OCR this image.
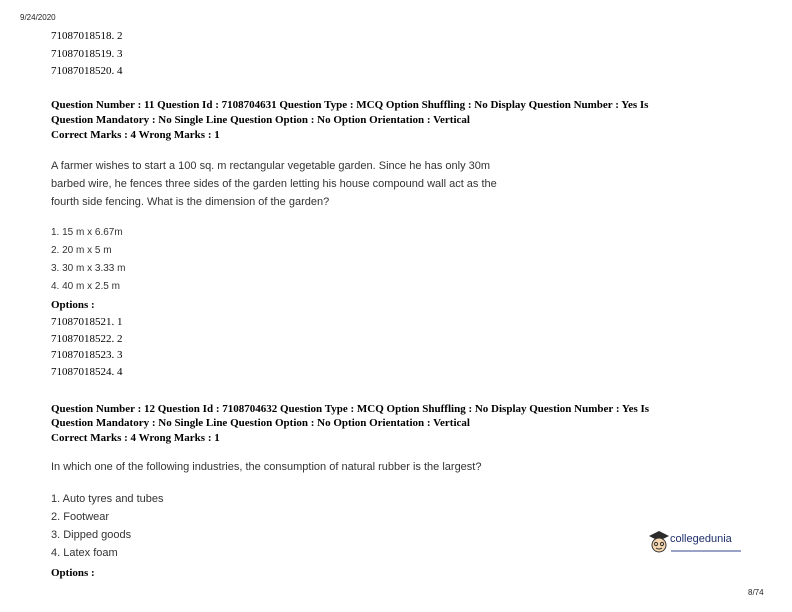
9/24/2020
71087018518. 2
71087018519. 3
71087018520. 4
Question Number : 11 Question Id : 7108704631 Question Type : MCQ Option Shuffling : No Display Question Number : Yes Is
Question Mandatory : No Single Line Question Option : No Option Orientation : Vertical
Correct Marks : 4 Wrong Marks : 1
A farmer wishes to start a 100 sq. m rectangular vegetable garden. Since he has only 30m
barbed wire, he fences three sides of the garden letting his house compound wall act as the
fourth side fencing. What is the dimension of the garden?
1. 15 m x 6.67m
2. 20 m x 5 m
3. 30 m x 3.33 m
4. 40 m x 2.5 m
Options :
71087018521. 1
71087018522. 2
71087018523. 3
71087018524. 4
Question Number : 12 Question Id : 7108704632 Question Type : MCQ Option Shuffling : No Display Question Number : Yes Is
Question Mandatory : No Single Line Question Option : No Option Orientation : Vertical
Correct Marks : 4 Wrong Marks : 1
In which one of the following industries, the consumption of natural rubber is the largest?
1. Auto tyres and tubes
2. Footwear
3. Dipped goods
4. Latex foam
Options :
collegedunia
8/74
